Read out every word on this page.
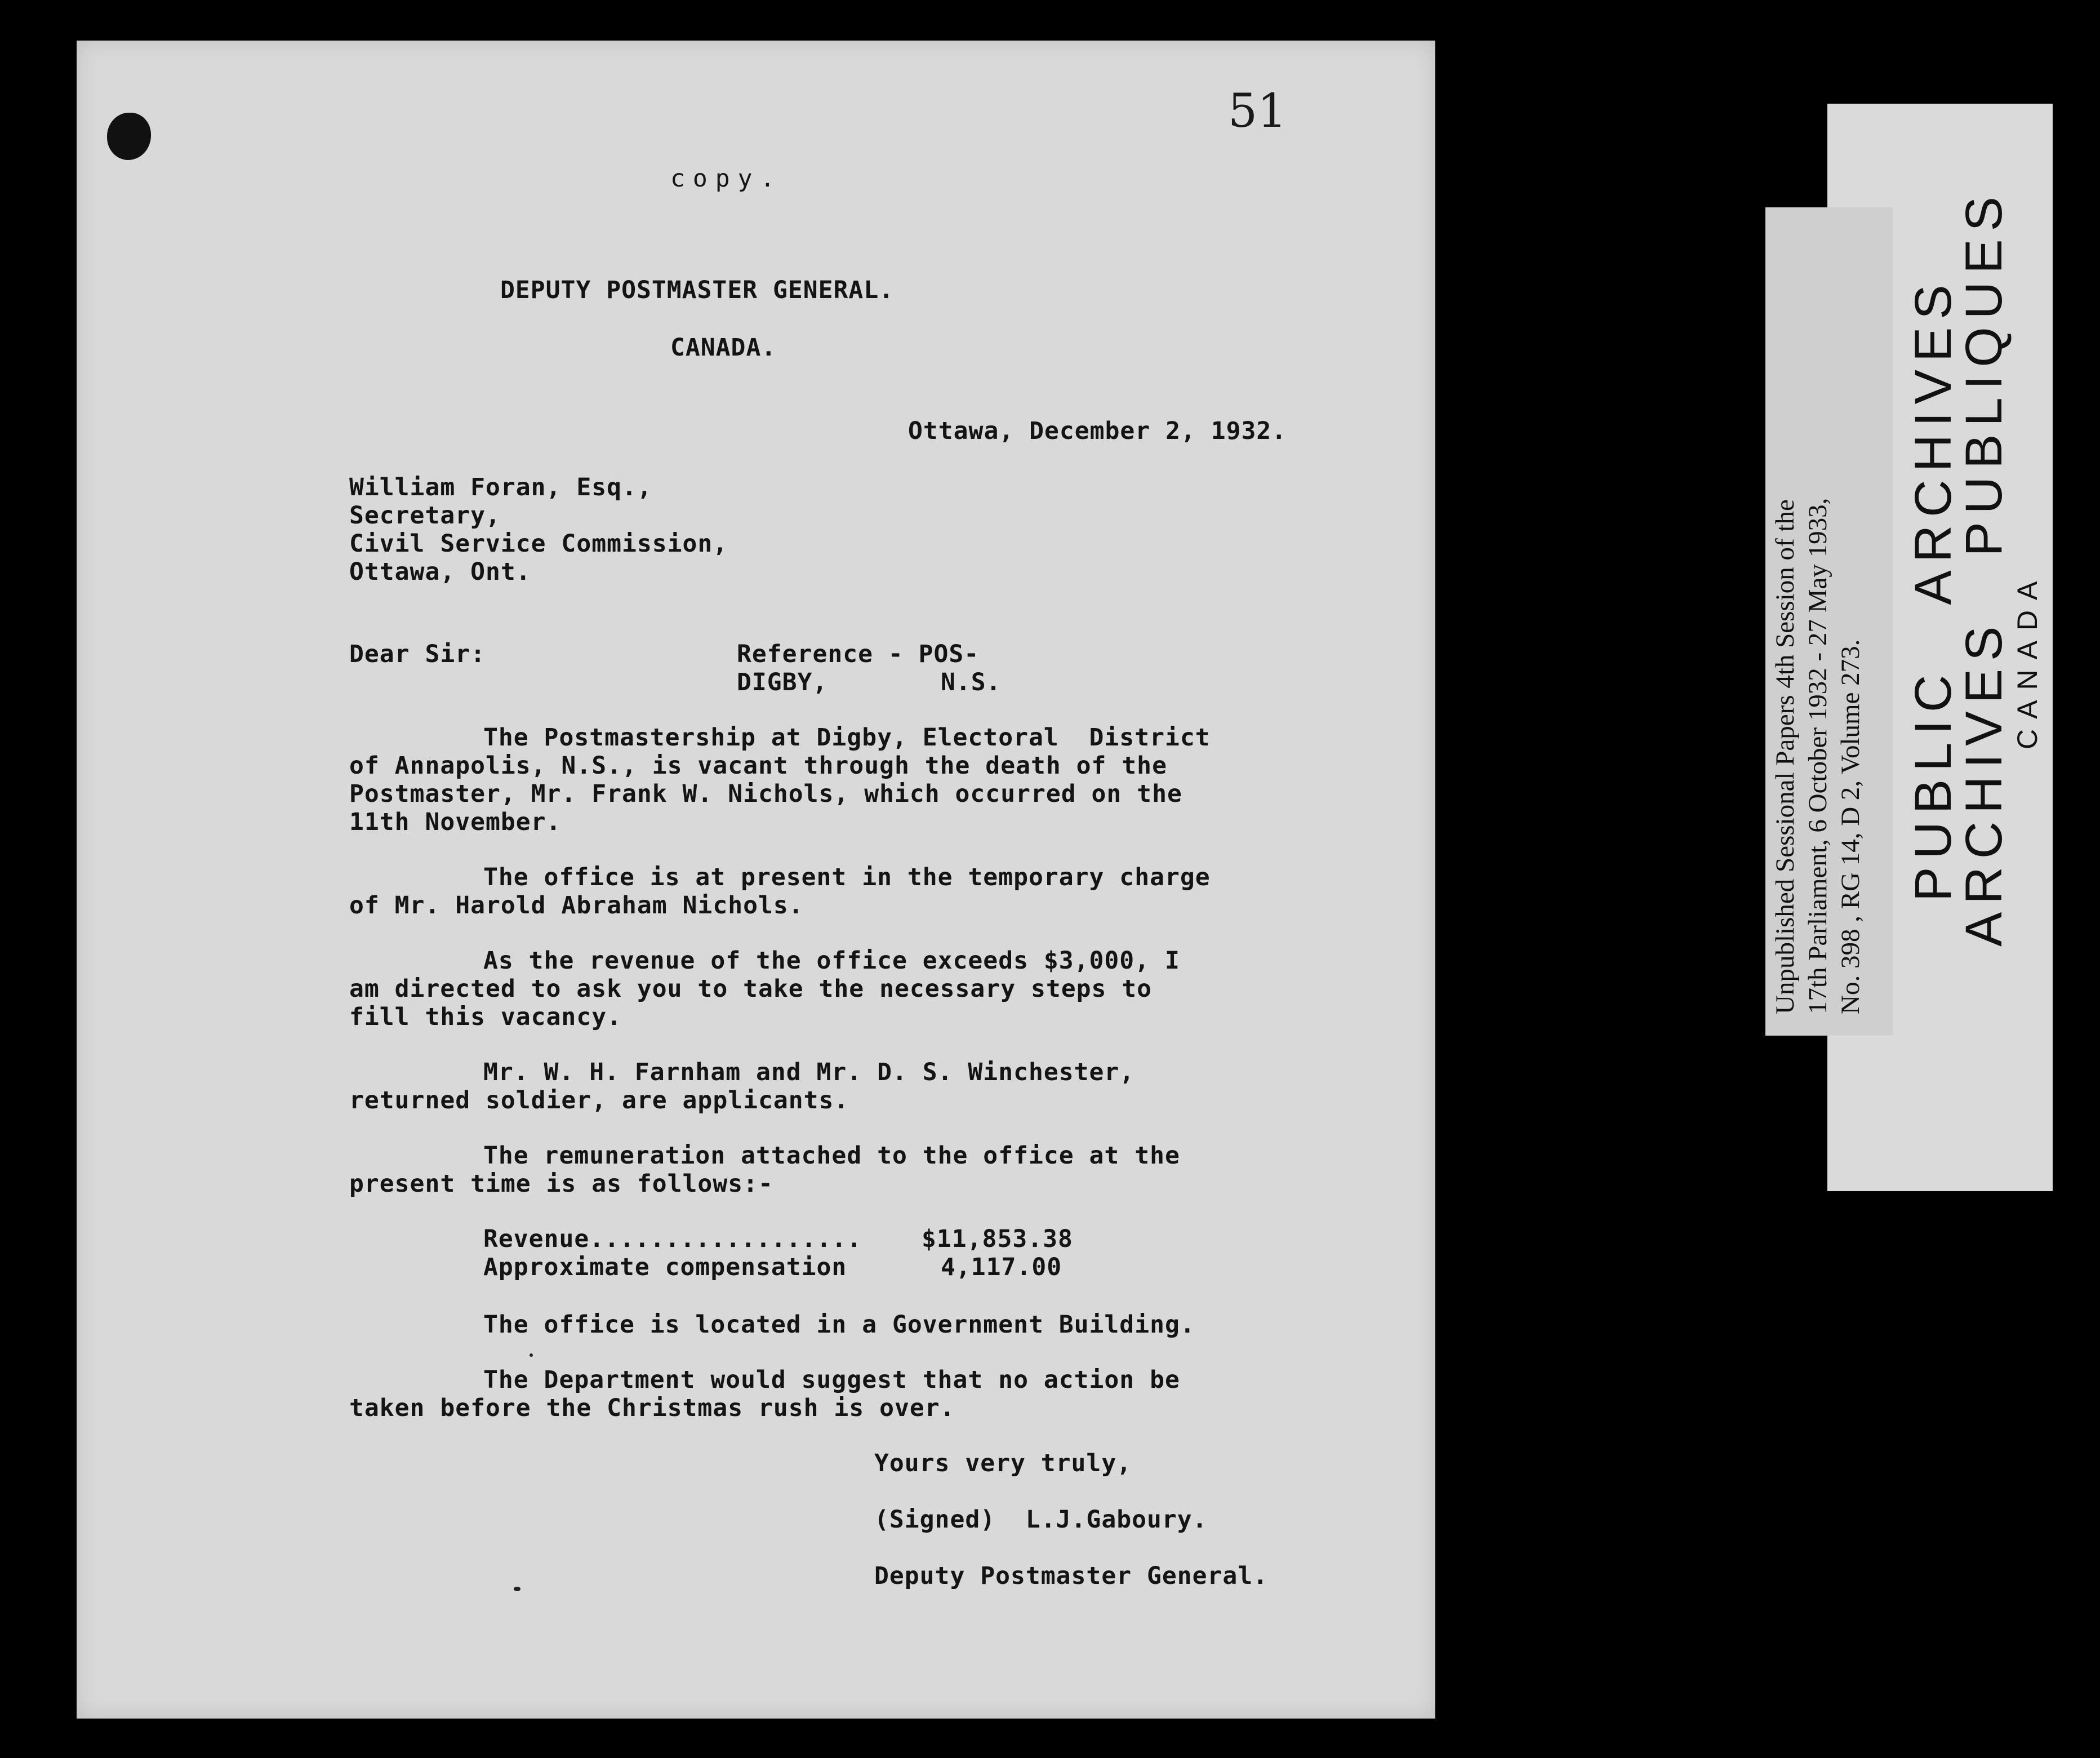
51
copy.
DEPUTY POSTMASTER GENERAL.
CANADA.
Ottawa, December 2, 1932.
William Foran, Esq.,
Secretary,
Civil Service Commission,
Ottawa, Ont.
Dear Sir:	Reference - POS-
DIGBY,	N.S.
The Postmastership at Digby, Electoral  District
of Annapolis, N.S., is vacant through the death of the
Postmaster, Mr. Frank W. Nichols, which occurred on the
11th November.
The office is at present in the temporary charge
of Mr. Harold Abraham Nichols.
As the revenue of the office exceeds $3,000, I
am directed to ask you to take the necessary steps to
fill this vacancy.
Mr. W. H. Farnham and Mr. D. S. Winchester,
returned soldier, are applicants.
The remuneration attached to the office at the
present time is as follows:-
Revenue.................. $11,853.38
Approximate compensation	4,117.00
The office is located in a Government Building.
The Department would suggest that no action be
taken before the Christmas rush is over.
Yours very truly,
(Signed)  L.J.Gaboury.
Deputy Postmaster General.
Unpublished Sessional Papers 4th Session of the 17th Parliament, 6 October 1932 - 27 May 1933, No. 398 , RG 14, D 2, Volume 273. PUBLICARCHIVES
ARCHIVESPUBLIQUES
CANADA
